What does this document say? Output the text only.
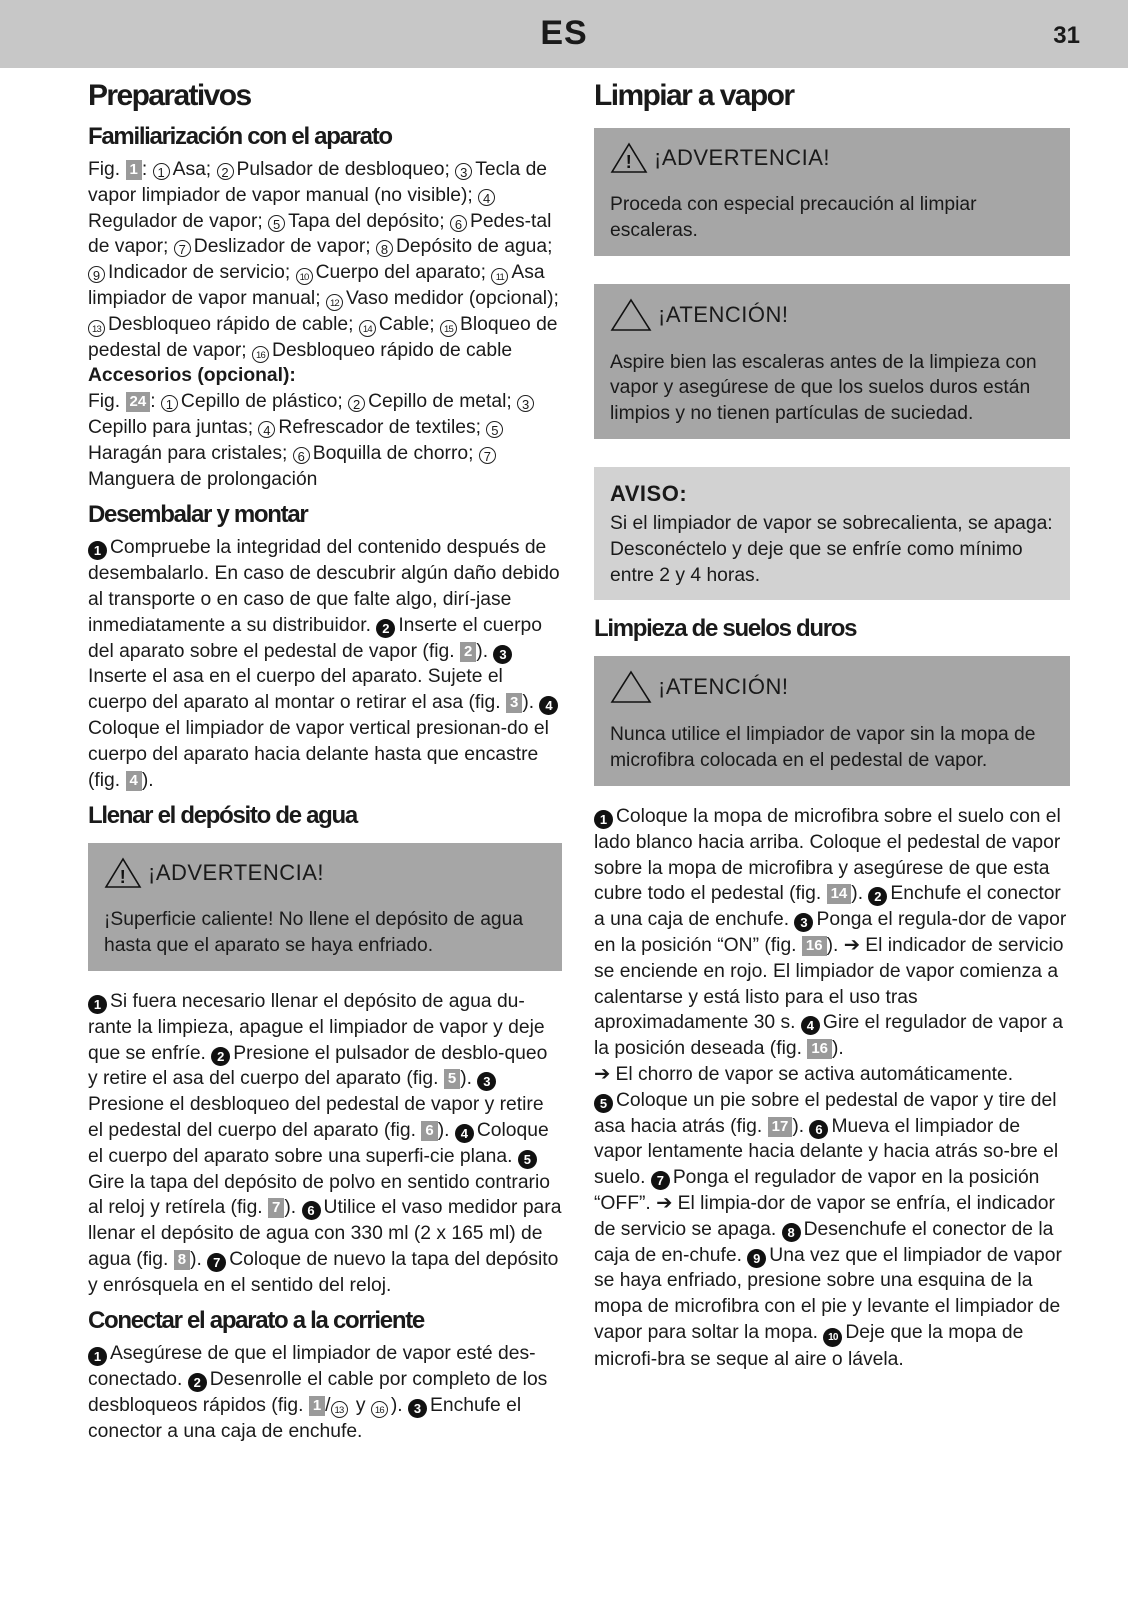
ES	31
Preparativos
Familiarización con el aparato

Fig. 1 : 1 Asa; 2 Pulsador de desbloqueo; 3 Tecla de vapor limpiador de vapor manual (no visible); 4Regulador de vapor; 5 Tapa del depósito; 6 Pedes-tal de vapor; 7 Deslizador de vapor; 8 Depósito de agua; 9 Indicador de servicio; 10 Cuerpo del aparato; 11 Asa limpiador de vapor manual; 12 Vaso medidor (opcional); 13 Desbloqueo rápido de cable; 14 Cable; 15 Bloqueo de pedestal de vapor; 16 Desbloqueo rápido de cable

Accesorios (opcional):

Fig. 24 : 1 Cepillo de plástico; 2 Cepillo de metal; 3Cepillo para juntas; 4 Refrescador de textiles; 5Haragán para cristales; 6 Boquilla de chorro; 7Manguera de prolongación

Desembalar y montar

1 Compruebe la integridad del contenido después de desembalarlo. En caso de descubrir algún daño debido al transporte o en caso de que falte algo, dirí-jase inmediatamente a su distribuidor. 2 Inserte el cuerpo del aparato sobre el pedestal de vapor (fig. 2 ). 3Inserte el asa en el cuerpo del aparato. Sujete el cuerpo del aparato al montar o retirar el asa (fig. 3 ). 4Coloque el limpiador de vapor vertical presionan-do el cuerpo del aparato hacia delante hasta que encastre (fig. 4 ).

Llenar el depósito de agua
! ¡ADVERTENCIA!
¡Superficie caliente! No llene el depósito de agua hasta que el aparato se haya enfriado.

1 Si fuera necesario llenar el depósito de agua du-rante la limpieza, apague el limpiador de vapor y deje que se enfríe. 2 Presione el pulsador de desblo-queo y retire el asa del cuerpo del aparato (fig. 5 ). 3Presione el desbloqueo del pedestal de vapor y retire el pedestal del cuerpo del aparato (fig. 6 ). 4 Coloque el cuerpo del aparato sobre una superfi-cie plana. 5Gire la tapa del depósito de polvo en sentido contrario al reloj y retírela (fig. 7 ). 6 Utilice el vaso medidor para llenar el depósito de agua con 330 ml (2 x 165 ml) de agua (fig. 8 ). 7 Coloque de nuevo la tapa del depósito y enrósquela en el sentido del reloj.

Conectar el aparato a la corriente

1 Asegúrese de que el limpiador de vapor esté des-conectado. 2 Desenrolle el cable por completo de los desbloqueos rápidos (fig. 1 / 13 y 16 ). 3 Enchufe el conector a una caja de enchufe.

Limpiar a vapor
! ¡ADVERTENCIA!
Proceda con especial precaución al limpiar escaleras.
¡ATENCIÓN!
Aspire bien las escaleras antes de la limpieza con vapor y asegúrese de que los suelos duros están limpios y no tienen partículas de suciedad.
AVISO:
Si el limpiador de vapor se sobrecalienta, se apaga: Desconéctelo y deje que se enfríe como mínimo entre 2 y 4 horas.
Limpieza de suelos duros
¡ATENCIÓN!
Nunca utilice el limpiador de vapor sin la mopa de microfibra colocada en el pedestal de vapor.

1 Coloque la mopa de microfibra sobre el suelo con el lado blanco hacia arriba. Coloque el pedestal de vapor sobre la mopa de microfibra y asegúrese de que esta cubre todo el pedestal (fig. 14 ). 2 Enchufe el conector a una caja de enchufe. 3 Ponga el regula-dor de vapor en la posición “ON” (fig. 16 ). ➔ El indicador de servicio se enciende en rojo. El limpiador de vapor comienza a calentarse y está listo para el uso tras aproximadamente 30 s. 4 Gire el regulador de vapor a la posición deseada (fig. 16 ).
➔ El chorro de vapor se activa automáticamente.
5 Coloque un pie sobre el pedestal de vapor y tire del asa hacia atrás (fig. 17 ). 6 Mueva el limpiador de vapor lentamente hacia delante y hacia atrás so-bre el suelo. 7 Ponga el regulador de vapor en la posición “OFF”. ➔ El limpia-dor de vapor se enfría, el indicador de servicio se apaga. 8 Desenchufe el conector de la caja de en-chufe. 9 Una vez que el limpiador de vapor se haya enfriado, presione sobre una esquina de la mopa de microfibra con el pie y levante el limpiador de vapor para soltar la mopa. 10 Deje que la mopa de microfi-bra se seque al aire o lávela.
